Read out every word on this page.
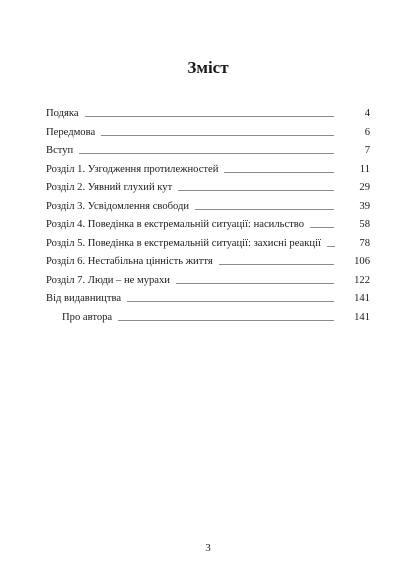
Зміст
Подяка	4
Передмова	6
Вступ	7
Розділ 1. Узгодження протилежностей	11
Розділ 2. Уявний глухий кут	29
Розділ 3. Усвідомлення свободи	39
Розділ 4. Поведінка в екстремальній ситуації: насильство	58
Розділ 5. Поведінка в екстремальній ситуації: захисні реакції	78
Розділ 6. Нестабільна цінність життя	106
Розділ 7. Люди – не мурахи	122
Від видавництва	141
Про автора	141
3
